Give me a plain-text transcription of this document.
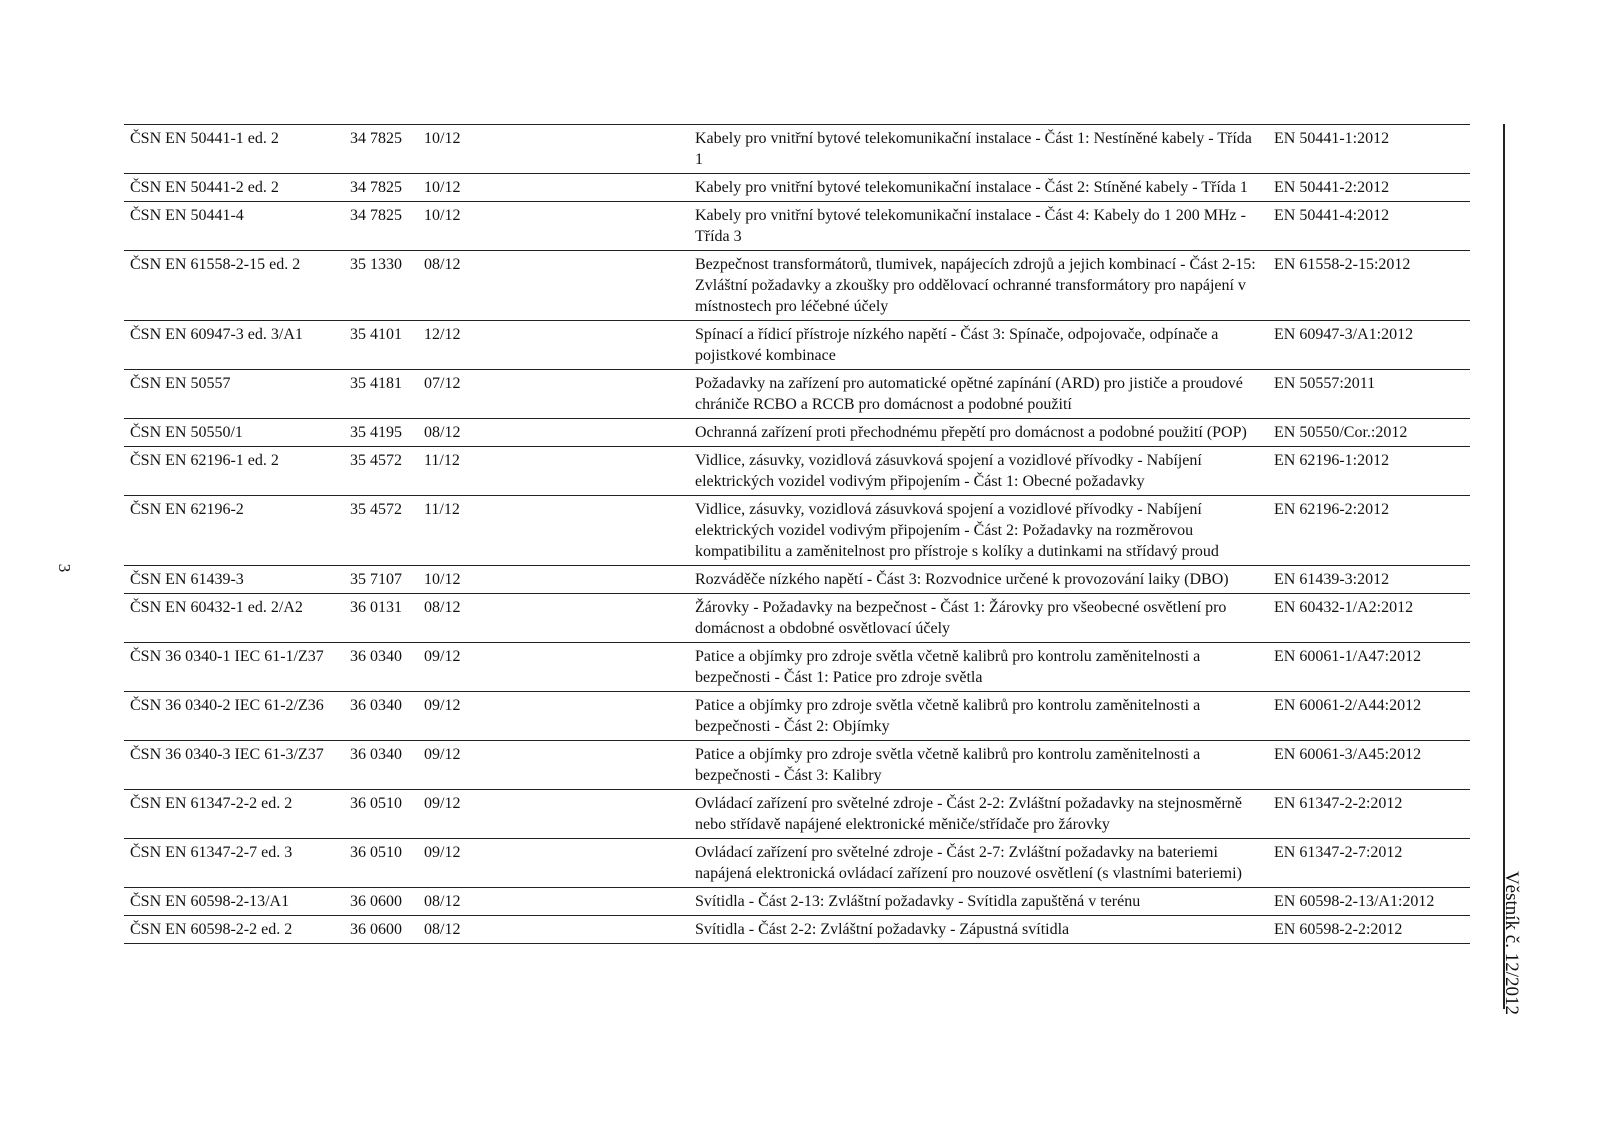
3
ČSN EN 50441-1 ed. 2	34 7825	10/12	Kabely pro vnitřní bytové telekomunikační instalace - Část 1: Nestíněné kabely - Třída 1	EN 50441-1:2012
ČSN EN 50441-2 ed. 2	34 7825	10/12	Kabely pro vnitřní bytové telekomunikační instalace - Část 2: Stíněné kabely - Třída 1	EN 50441-2:2012
ČSN EN 50441-4	34 7825	10/12	Kabely pro vnitřní bytové telekomunikační instalace - Část 4: Kabely do 1 200 MHz - Třída 3	EN 50441-4:2012
ČSN EN 61558-2-15 ed. 2	35 1330	08/12	Bezpečnost transformátorů, tlumivek, napájecích zdrojů a jejich kombinací - Část 2-15: Zvláštní požadavky a zkoušky pro oddělovací ochranné transformátory pro napájení v místnostech pro léčebné účely	EN 61558-2-15:2012
ČSN EN 60947-3 ed. 3/A1	35 4101	12/12	Spínací a řídicí přístroje nízkého napětí - Část 3: Spínače, odpojovače, odpínače a pojistkové kombinace	EN 60947-3/A1:2012
ČSN EN 50557	35 4181	07/12	Požadavky na zařízení pro automatické opětné zapínání (ARD) pro jističe a proudové chrániče RCBO a RCCB pro domácnost a podobné použití	EN 50557:2011
ČSN EN 50550/1	35 4195	08/12	Ochranná zařízení proti přechodnému přepětí pro domácnost a podobné použití (POP)	EN 50550/Cor.:2012
ČSN EN 62196-1 ed. 2	35 4572	11/12	Vidlice, zásuvky, vozidlová zásuvková spojení a vozidlové přívodky - Nabíjení elektrických vozidel vodivým připojením - Část 1: Obecné požadavky	EN 62196-1:2012
ČSN EN 62196-2	35 4572	11/12	Vidlice, zásuvky, vozidlová zásuvková spojení a vozidlové přívodky - Nabíjení elektrických vozidel vodivým připojením - Část 2: Požadavky na rozměrovou kompatibilitu a zaměnitelnost pro přístroje s kolíky a dutinkami na střídavý proud	EN 62196-2:2012
ČSN EN 61439-3	35 7107	10/12	Rozváděče nízkého napětí - Část 3: Rozvodnice určené k provozování laiky (DBO)	EN 61439-3:2012
ČSN EN 60432-1 ed. 2/A2	36 0131	08/12	Žárovky - Požadavky na bezpečnost - Část 1: Žárovky pro všeobecné osvětlení pro domácnost a obdobné osvětlovací účely	EN 60432-1/A2:2012
ČSN 36 0340-1 IEC 61-1/Z37	36 0340	09/12	Patice a objímky pro zdroje světla včetně kalibrů pro kontrolu zaměnitelnosti a bezpečnosti - Část 1: Patice pro zdroje světla	EN 60061-1/A47:2012
ČSN 36 0340-2 IEC 61-2/Z36	36 0340	09/12	Patice a objímky pro zdroje světla včetně kalibrů pro kontrolu zaměnitelnosti a bezpečnosti - Část 2: Objímky	EN 60061-2/A44:2012
ČSN 36 0340-3 IEC 61-3/Z37	36 0340	09/12	Patice a objímky pro zdroje světla včetně kalibrů pro kontrolu zaměnitelnosti a bezpečnosti - Část 3: Kalibry	EN 60061-3/A45:2012
ČSN EN 61347-2-2 ed. 2	36 0510	09/12	Ovládací zařízení pro světelné zdroje - Část 2-2: Zvláštní požadavky na stejnosměrně nebo střídavě napájené elektronické měniče/střídače pro žárovky	EN 61347-2-2:2012
ČSN EN 61347-2-7 ed. 3	36 0510	09/12	Ovládací zařízení pro světelné zdroje - Část 2-7: Zvláštní požadavky na bateriemi napájená elektronická ovládací zařízení pro nouzové osvětlení (s vlastními bateriemi)	EN 61347-2-7:2012
ČSN EN 60598-2-13/A1	36 0600	08/12	Svítidla - Část 2-13: Zvláštní požadavky - Svítidla zapuštěná v terénu	EN 60598-2-13/A1:2012
ČSN EN 60598-2-2 ed. 2	36 0600	08/12	Svítidla - Část 2-2: Zvláštní požadavky - Zápustná svítidla	EN 60598-2-2:2012	Věstník č. 12/2012
